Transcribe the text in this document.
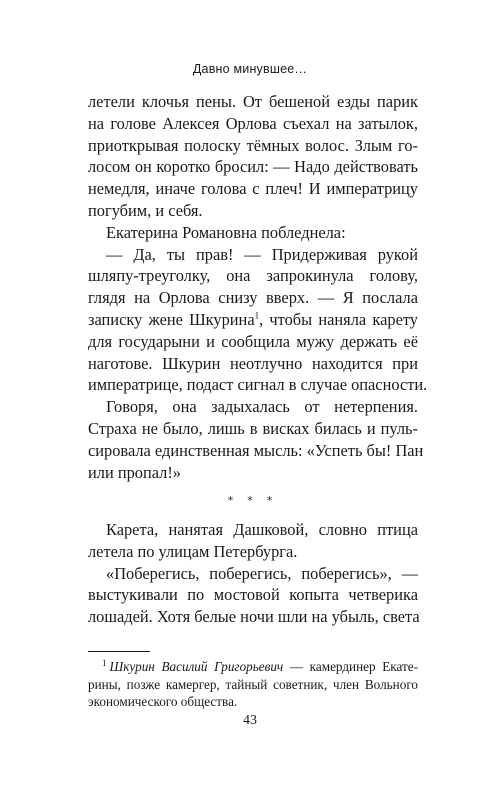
Давно минувшее…
летели клочья пены. От бешеной езды парик
на голове Алексея Орлова съехал на затылок,
приоткрывая полоску тёмных волос. Злым го-
лосом он коротко бросил: — Надо действовать
немедля, иначе голова с плеч! И императрицу
погубим, и себя.
Екатерина Романовна побледнела:
— Да, ты прав! — Придерживая рукой
шляпу-треуголку, она запрокинула голову,
глядя на Орлова снизу вверх. — Я послала
записку жене Шкурина$^1$, чтобы наняла карету
для государыни и сообщила мужу держать её
наготове. Шкурин неотлучно находится при
императрице, подаст сигнал в случае опасности.
Говоря, она задыхалась от нетерпения.
Страха не было, лишь в висках билась и пуль-
сировала единственная мысль: «Успеть бы! Пан
или пропал!»
***
Карета, нанятая Дашковой, словно птица
летела по улицам Петербурга.
«Поберегись, поберегись, поберегись», —
выстукивали по мостовой копыта четверика
лошадей. Хотя белые ночи шли на убыль, света
$^1$ Шкурин Василий Григорьевич — камердинер Екате-
рины, позже камергер, тайный советник, член Вольного
экономического общества.
43
